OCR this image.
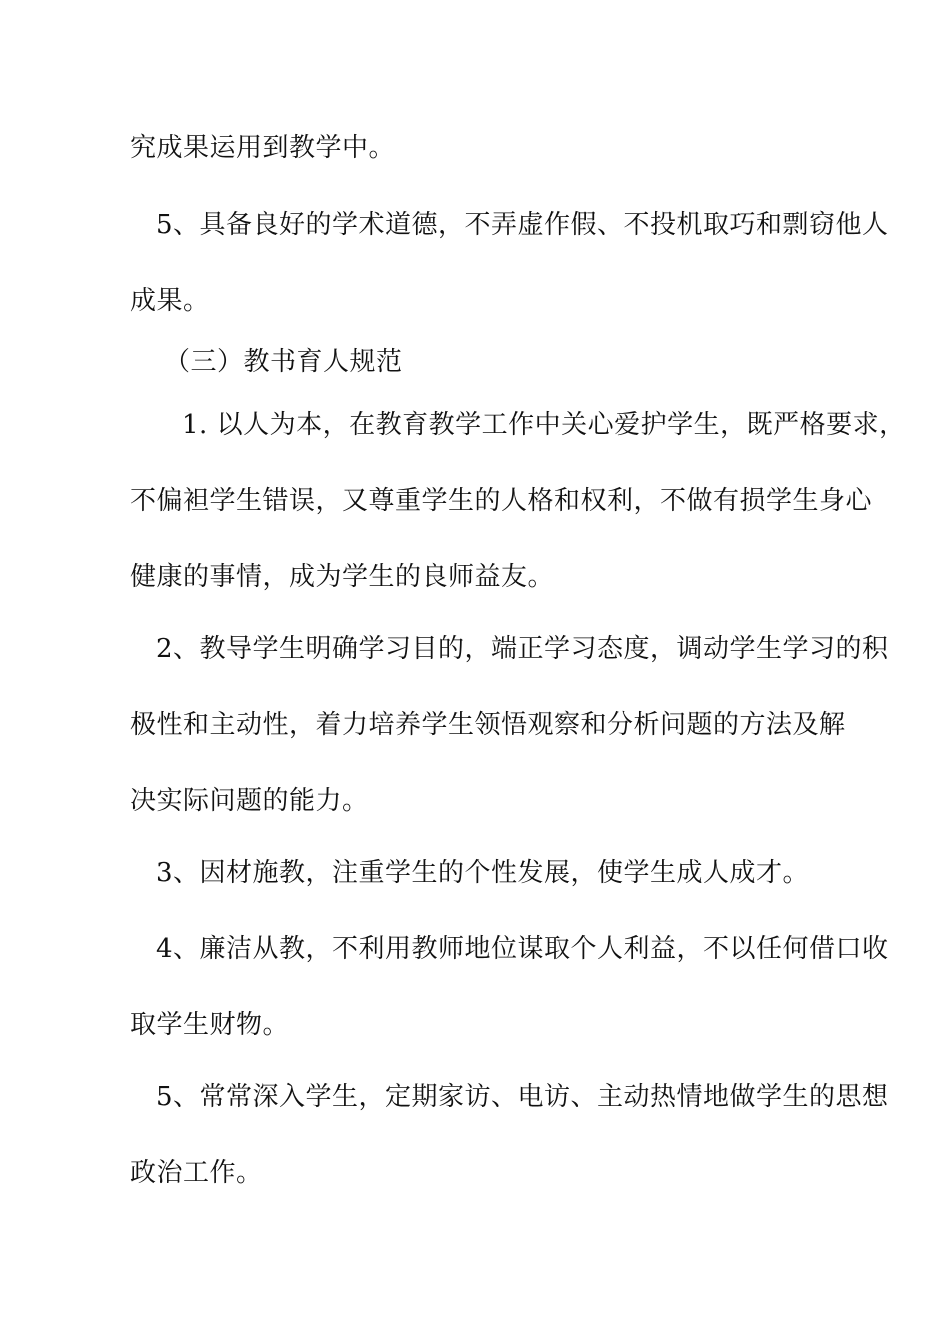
究成果运用到教学中。
5、具备良好的学术道德，不弄虚作假、不投机取巧和剽窃他人
成果。
（三）教书育人规范
1. 以人为本，在教育教学工作中关心爱护学生，既严格要求，
不偏袒学生错误，又尊重学生的人格和权利，不做有损学生身心
健康的事情，成为学生的良师益友。
2、教导学生明确学习目的，端正学习态度，调动学生学习的积
极性和主动性，着力培养学生领悟观察和分析问题的方法及解
决实际问题的能力。
3、因材施教，注重学生的个性发展，使学生成人成才。
4、廉洁从教，不利用教师地位谋取个人利益，不以任何借口收
取学生财物。
5、常常深入学生，定期家访、电访、主动热情地做学生的思想
政治工作。
